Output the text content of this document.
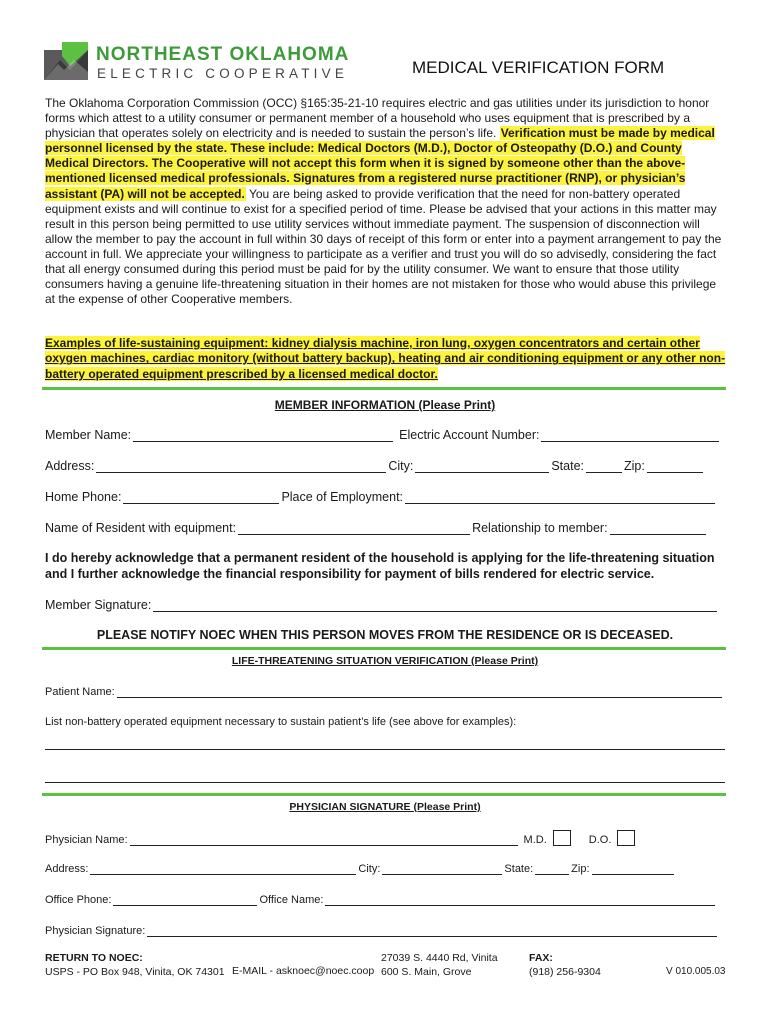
NORTHEAST OKLAHOMA
ELECTRIC COOPERATIVE	MEDICAL VERIFICATION FORM

The Oklahoma Corporation Commission (OCC) §165:35-21-10 requires electric and gas utilities under its jurisdiction to honor forms which attest to a utility consumer or permanent member of a household who uses equipment that is prescribed by a physician that operates solely on electricity and is needed to sustain the person’s life. Verification must be made by medical personnel licensed by the state. These include: Medical Doctors (M.D.), Doctor of Osteopathy (D.O.) and County Medical Directors. The Cooperative will not accept this form when it is signed by someone other than the above-mentioned licensed medical professionals. Signatures from a registered nurse practitioner (RNP), or physician’s assistant (PA) will not be accepted. You are being asked to provide verification that the need for non-battery operated equipment exists and will continue to exist for a specified period of time. Please be advised that your actions in this matter may result in this person being permitted to use utility services without immediate payment. The suspension of disconnection will allow the member to pay the account in full within 30 days of receipt of this form or enter into a payment arrangement to pay the account in full. We appreciate your willingness to participate as a verifier and trust you will do so advisedly, considering the fact that all energy consumed during this period must be paid for by the utility consumer. We want to ensure that those utility consumers having a genuine life-threatening situation in their homes are not mistaken for those who would abuse this privilege at the expense of other Cooperative members.

Examples of life-sustaining equipment: kidney dialysis machine, iron lung, oxygen concentrators and certain other oxygen machines, cardiac monitory (without battery backup), heating and air conditioning equipment or any other non-battery operated equipment prescribed by a licensed medical doctor.
MEMBER INFORMATION (Please Print)
Member Name:	Electric Account Number:
Address:	City:	State:	Zip:
Home Phone:	Place of Employment:
Name of Resident with equipment:	Relationship to member:
I do hereby acknowledge that a permanent resident of the household is applying for the life-threatening situation and I further acknowledge the financial responsibility for payment of bills rendered for electric service.
Member Signature:
PLEASE NOTIFY NOEC WHEN THIS PERSON MOVES FROM THE RESIDENCE OR IS DECEASED.
LIFE-THREATENING SITUATION VERIFICATION (Please Print)
Patient Name:
List non-battery operated equipment necessary to sustain patient’s life (see above for examples):
PHYSICIAN SIGNATURE (Please Print)
Physician Name:	M.D.	D.O.
Address:	City:	State:	Zip:
Office Phone:	Office Name:
Physician Signature:
RETURN TO NOEC:
USPS - PO Box 948, Vinita, OK 74301 E-MAIL - asknoec@noec.coop
27039 S. 4440 Rd, Vinita
600 S. Main, Grove
FAX:
(918) 256-9304	V 010.005.03
